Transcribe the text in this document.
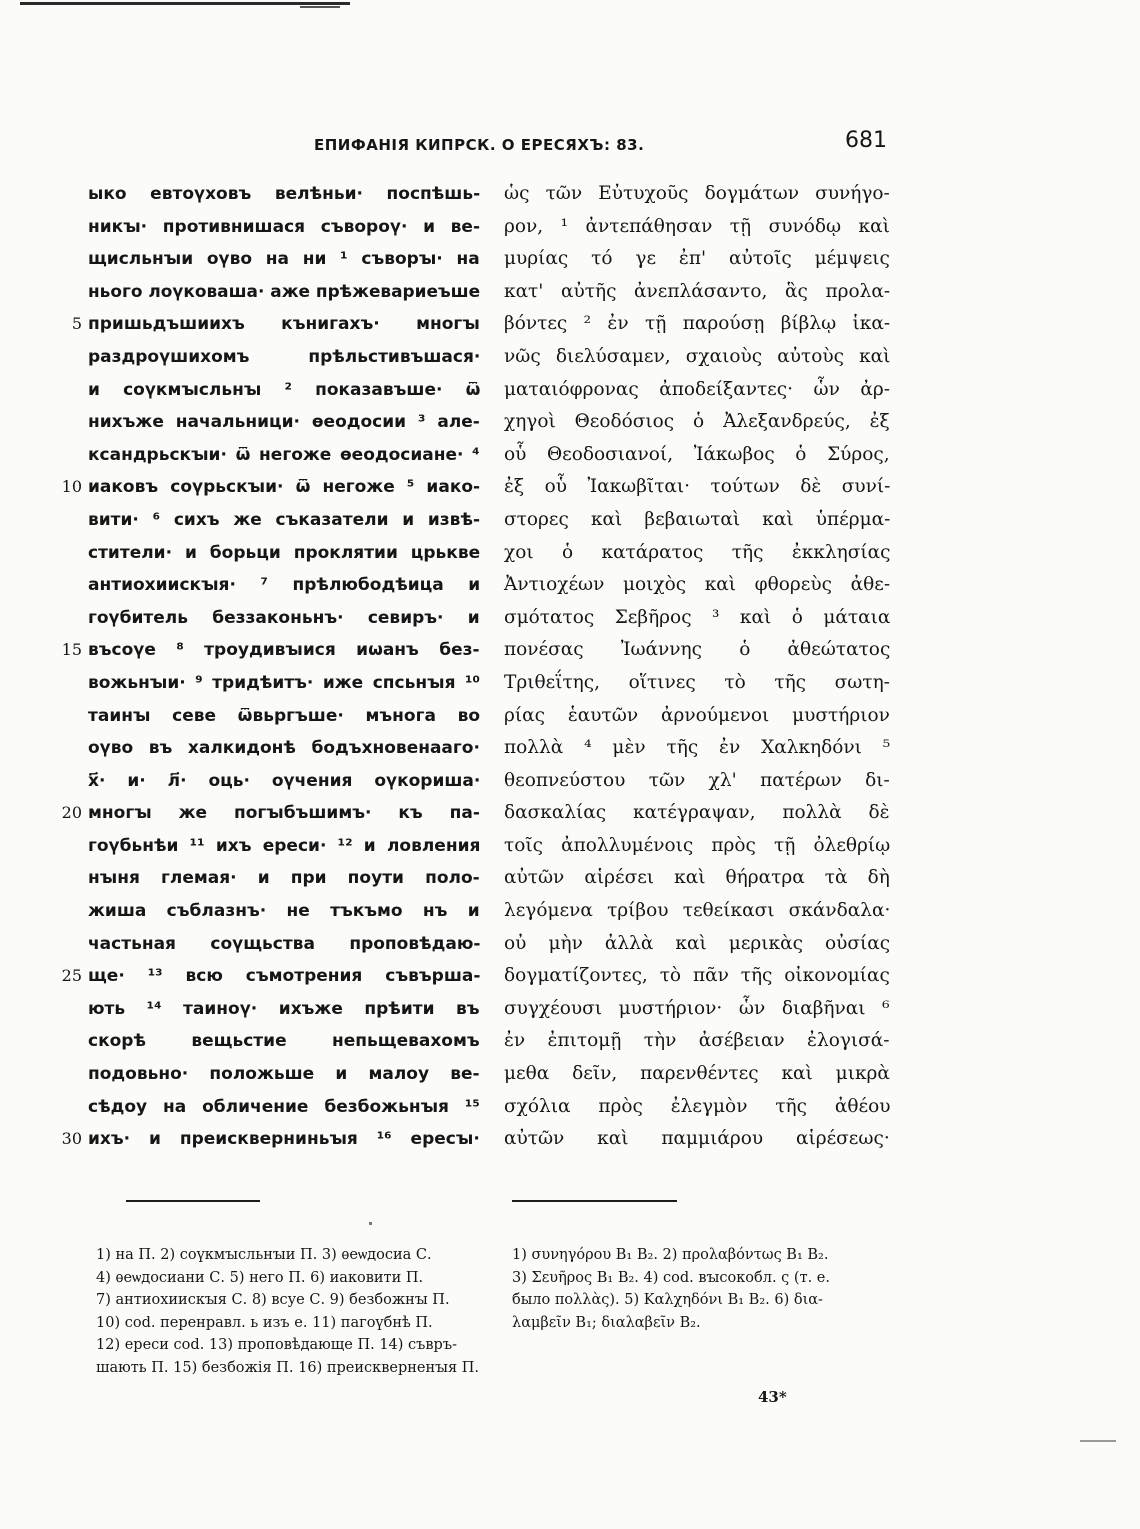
ЕПИФАНІЯ КИПРСК. О ЕРЕСЯХЪ: 83.	681
ыко евтоүховъ велѣньи· поспѣшь-
никꙑ· противнишася съвороү· и ве-
щисльнꙑи оүво на ни ¹ съворꙑ· на
нього лоүковаша· аже прѣжевариеъше
5 пришьдъшиихъ кънигахъ· многꙑ
раздроүшихомъ прѣльстивъшася·
и соүкмꙑсльнꙑ ² показавъше· ѿ
нихъже начальници· ѳеодосии ³ але-
ксандрьскꙑи· ѿ негоже ѳеодосиане· ⁴
10 иаковъ соүрьскꙑи· ѿ негоже ⁵ иако-
вити· ⁶ сихъ же съказатели и извѣ-
стители· и борьци проклятии црькве
антиохиискꙑя· ⁷ прѣлюбодѣица и
гоүбитель беззаконьнъ· севиръ· и
15 въсоүе ⁸ троудивꙑися иѡанъ без-
вожьнꙑи· ⁹ тридѣитъ· иже спсьнꙑя ¹⁰
таинꙑ севе ѿвьргъше· мънога во
оүво въ халкидонѣ бодъхновенааго·
х҃· и· л҃· оць· оүчения оүкориша·
20 многꙑ же погꙑбъшимъ· къ па-
гоүбьнѣи ¹¹ ихъ ереси· ¹² и ловления
нꙑня глемая· и при поути поло-
жиша съблазнъ· не тъкъмо нъ и
частьная соүщьства проповѣдаю-
25 ще· ¹³ всю съмотрения съвърша-
ють ¹⁴ таиноү· ихъже прѣити въ
скорѣ вещьстие непьщевахомъ
подовьно· положьше и малоу ве-
сѣдоу на обличение безбожьнꙑя ¹⁵
30 ихъ· и преискверниньꙑя ¹⁶ ересꙑ·
ὡς τῶν Εὐτυχοῦς δογμάτων συνήγο-
ρον, ¹ ἀντεπάθησαν τῇ συνόδῳ καὶ
μυρίας τό γε ἐπ' αὐτοῖς μέμψεις
κατ' αὐτῆς ἀνεπλάσαντο, ἃς προλα-
βόντες ² ἐν τῇ παρούσῃ βίβλῳ ἱκα-
νῶς διελύσαμεν, σχαιοὺς αὐτοὺς καὶ
ματαιόφρονας ἀποδείξαντες· ὧν ἀρ-
χηγοὶ Θεοδόσιος ὁ Ἀλεξανδρεύς, ἐξ
οὗ Θεοδοσιανοί, Ἰάκωβος ὁ Σύρος,
ἐξ οὗ Ἰακωβῖται· τούτων δὲ συνί-
στορες καὶ βεβαιωταὶ καὶ ὑπέρμα-
χοι ὁ κατάρατος τῆς ἐκκλησίας
Ἀντιοχέων μοιχὸς καὶ φθορεὺς ἀθε-
σμότατος Σεβῆρος ³ καὶ ὁ μάταια
πονέσας Ἰωάννης ὁ ἀθεώτατος
Τριθεΐτης, οἵτινες τὸ τῆς σωτη-
ρίας ἑαυτῶν ἀρνούμενοι μυστήριον
πολλὰ ⁴ μὲν τῆς ἐν Χαλκηδόνι ⁵
θεοπνεύστου τῶν χλ' πατέρων δι-
δασκαλίας κατέγραψαν, πολλὰ δὲ
τοῖς ἀπολλυμένοις πρὸς τῇ ὀλεθρίῳ
αὐτῶν αἱρέσει καὶ θήρατρα τὰ δὴ
λεγόμενα τρίβου τεθείκασι σκάνδαλα·
οὐ μὴν ἀλλὰ καὶ μερικὰς οὐσίας
δογματίζοντες, τὸ πᾶν τῆς οἰκονομίας
συγχέουσι μυστήριον· ὧν διαβῆναι ⁶
ἐν ἐπιτομῇ τὴν ἀσέβειαν ἐλογισά-
μεθα δεῖν, παρενθέντες καὶ μικρὰ
σχόλια πρὸς ἐλεγμὸν τῆς ἀθέου
αὐτῶν καὶ παμμιάρου αἱρέσεως·
1) на П. 2) соүкмꙑсльнꙑи П. 3) ѳеѡдосиа С.
4) ѳеѡдосиани С. 5) него П. 6) иаковити П.
7) антиохиискꙑя С. 8) всуе С. 9) безбожнꙑ П.
10) cod. перенравл. ь изъ е. 11) пагоүбнѣ П.
12) ереси cod. 13) проповѣдающе П. 14) съвръ-
шають П. 15) безбожія П. 16) преискверненꙑя П.
1) συνηγόρου B₁ B₂. 2) προλαβόντως B₁ B₂.
3) Σευῆρος B₁ B₂. 4) cod. вꙑсокобл. ς (т. е.
было πολλὰς). 5) Καλχηδόνι B₁ B₂. 6) δια-
λαμβεῖν B₁; διαλαβεῖν B₂.
43*
